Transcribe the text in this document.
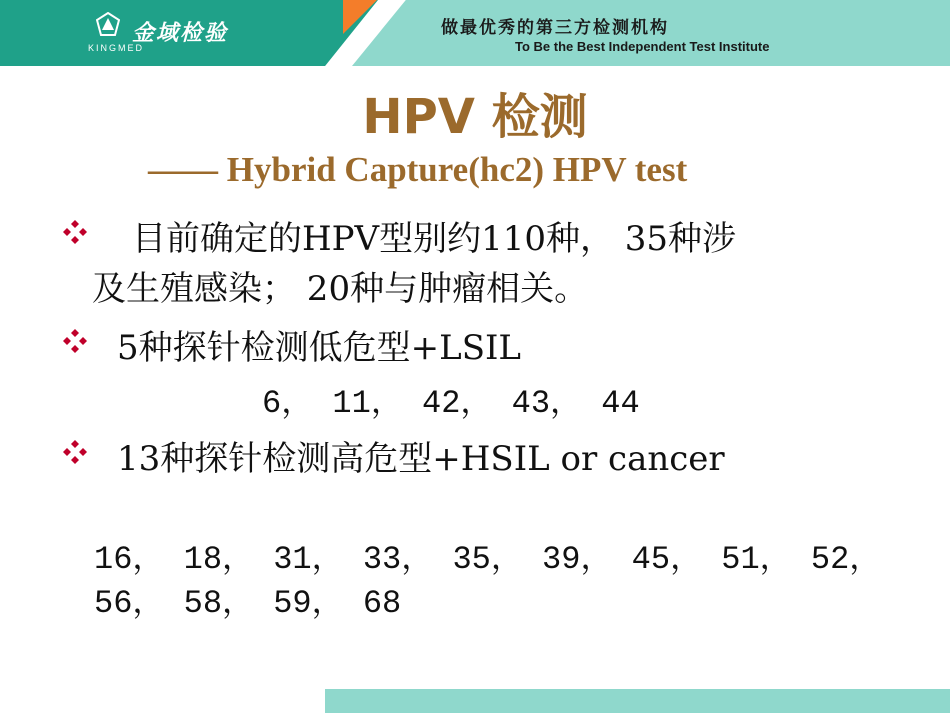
金域检验
KINGMED
做最优秀的第三方检测机构
To Be the Best Independent Test Institute
HPV 检测
—— Hybrid Capture(hc2) HPV test
目前确定的HPV型别约110种， 35种涉
及生殖感染； 20种与肿瘤相关。
5种探针检测低危型+LSIL
6， 11， 42， 43， 44
13种探针检测高危型+HSIL or cancer
16， 18， 31， 33， 35， 39， 45， 51， 52，
56， 58， 59， 68
